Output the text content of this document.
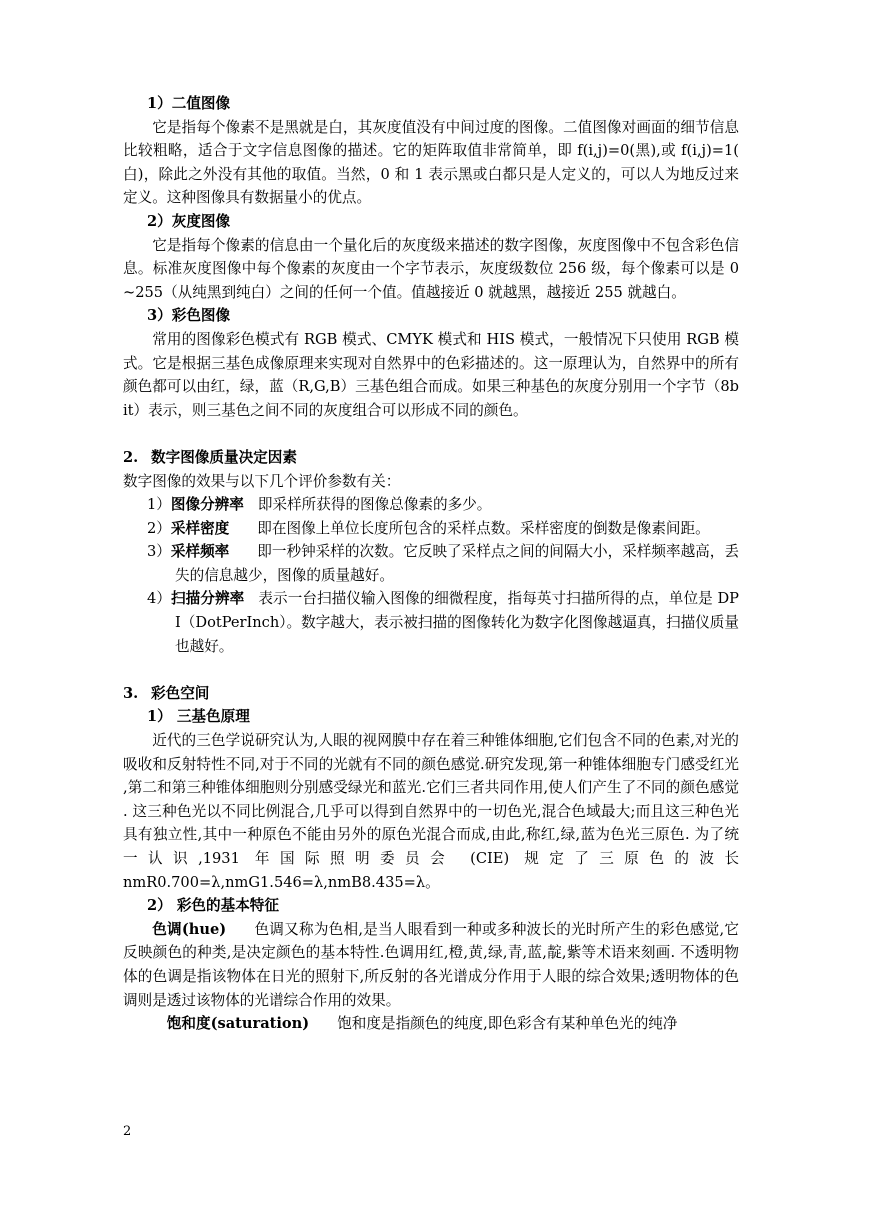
1）二值图像

它是指每个像素不是黑就是白，其灰度值没有中间过度的图像。二值图像对画面的细节信息比较粗略，适合于文字信息图像的描述。它的矩阵取值非常简单，即 f(i,j)=0(黑),或 f(i,j)=1(白)，除此之外没有其他的取值。当然，0 和 1 表示黑或白都只是人定义的，可以人为地反过来定义。这种图像具有数据量小的优点。

2）灰度图像

它是指每个像素的信息由一个量化后的灰度级来描述的数字图像，灰度图像中不包含彩色信息。标准灰度图像中每个像素的灰度由一个字节表示，灰度级数位 256 级，每个像素可以是 0~255（从纯黑到纯白）之间的任何一个值。值越接近 0 就越黑，越接近 255 就越白。

3）彩色图像

常用的图像彩色模式有 RGB 模式、CMYK 模式和 HIS 模式，一般情况下只使用 RGB 模式。它是根据三基色成像原理来实现对自然界中的色彩描述的。这一原理认为，自然界中的所有颜色都可以由红，绿，蓝（R,G,B）三基色组合而成。如果三种基色的灰度分别用一个字节（8bit）表示，则三基色之间不同的灰度组合可以形成不同的颜色。

2. 数字图像质量决定因素

数字图像的效果与以下几个评价参数有关：

1）图像分辨率 即采样所获得的图像总像素的多少。

2）采样密度 即在图像上单位长度所包含的采样点数。采样密度的倒数是像素间距。

3）采样频率 即一秒钟采样的次数。它反映了采样点之间的间隔大小，采样频率越高，丢失的信息越少，图像的质量越好。

4）扫描分辨率 表示一台扫描仪输入图像的细微程度，指每英寸扫描所得的点，单位是 DPI（DotPerInch）。数字越大，表示被扫描的图像转化为数字化图像越逼真，扫描仪质量也越好。

3. 彩色空间

1） 三基色原理

近代的三色学说研究认为,人眼的视网膜中存在着三种锥体细胞,它们包含不同的色素,对光的吸收和反射特性不同,对于不同的光就有不同的颜色感觉.研究发现,第一种锥体细胞专门感受红光,第二和第三种锥体细胞则分别感受绿光和蓝光.它们三者共同作用,使人们产生了不同的颜色感觉. 这三种色光以不同比例混合,几乎可以得到自然界中的一切色光,混合色域最大;而且这三种色光具有独立性,其中一种原色不能由另外的原色光混合而成,由此,称红,绿,蓝为色光三原色. 为了统一认识,1931 年国际照明委员会 (CIE) 规定了三原色的波长

nmR0.700=λ,nmG1.546=λ,nmB8.435=λ。

2） 彩色的基本特征

色调(hue) 色调又称为色相,是当人眼看到一种或多种波长的光时所产生的彩色感觉,它反映颜色的种类,是决定颜色的基本特性.色调用红,橙,黄,绿,青,蓝,靛,紫等术语来刻画. 不透明物体的色调是指该物体在日光的照射下,所反射的各光谱成分作用于人眼的综合效果;透明物体的色调则是透过该物体的光谱综合作用的效果。

饱和度(saturation) 饱和度是指颜色的纯度,即色彩含有某种单色光的纯净

2
